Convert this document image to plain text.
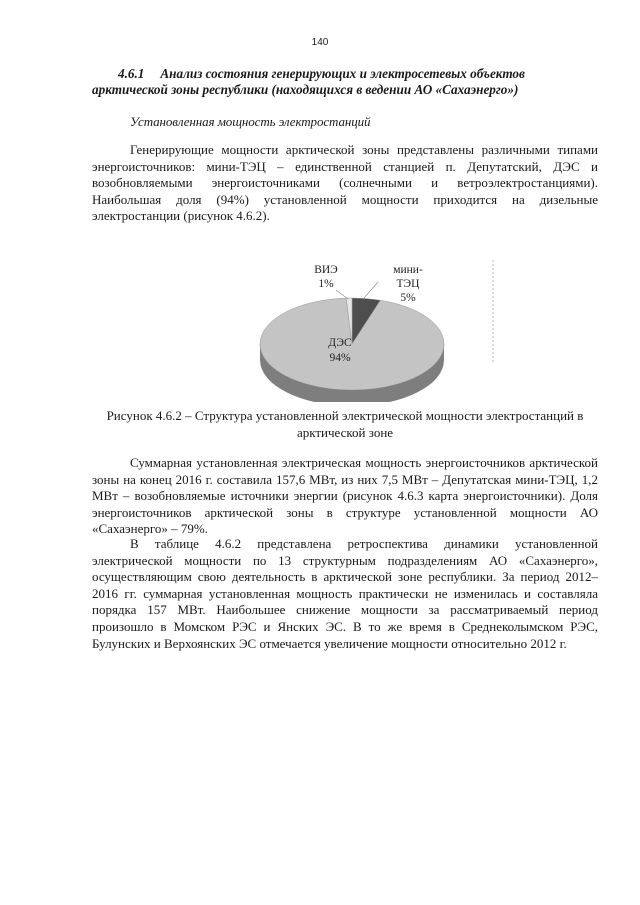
140
4.6.1 Анализ состояния генерирующих и электросетевых объектов арктической зоны республики (находящихся в ведении АО «Сахаэнерго»)
Установленная мощность электростанций

Генерирующие мощности арктической зоны представлены различными типами энергоисточников: мини-ТЭЦ – единственной станцией п. Депутатский, ДЭС и возобновляемыми энергоисточниками (солнечными и ветроэлектростанциями). Наибольшая доля (94%) установленной мощности приходится на дизельные электростанции (рисунок 4.6.2).

ВИЭ
1%
мини-
ТЭЦ
5%
ДЭС
94%
Рисунок 4.6.2 – Структура установленной электрической мощности электростанций в арктической зоне

Суммарная установленная электрическая мощность энергоисточников арктической зоны на конец 2016 г. составила 157,6 МВт, из них 7,5 МВт – Депутатская мини-ТЭЦ, 1,2 МВт – возобновляемые источники энергии (рисунок 4.6.3 карта энергоисточники). Доля энергоисточников арктической зоны в структуре установленной мощности АО «Сахаэнерго» – 79%.

В таблице 4.6.2 представлена ретроспектива динамики установленной электрической мощности по 13 структурным подразделениям АО «Сахаэнерго», осуществляющим свою деятельность в арктической зоне республики. За период 2012–2016 гг. суммарная установленная мощность практически не изменилась и составляла порядка 157 МВт. Наибольшее снижение мощности за рассматриваемый период произошло в Момском РЭС и Янских ЭС. В то же время в Среднеколымском РЭС, Булунских и Верхоянских ЭС отмечается увеличение мощности относительно 2012 г.
